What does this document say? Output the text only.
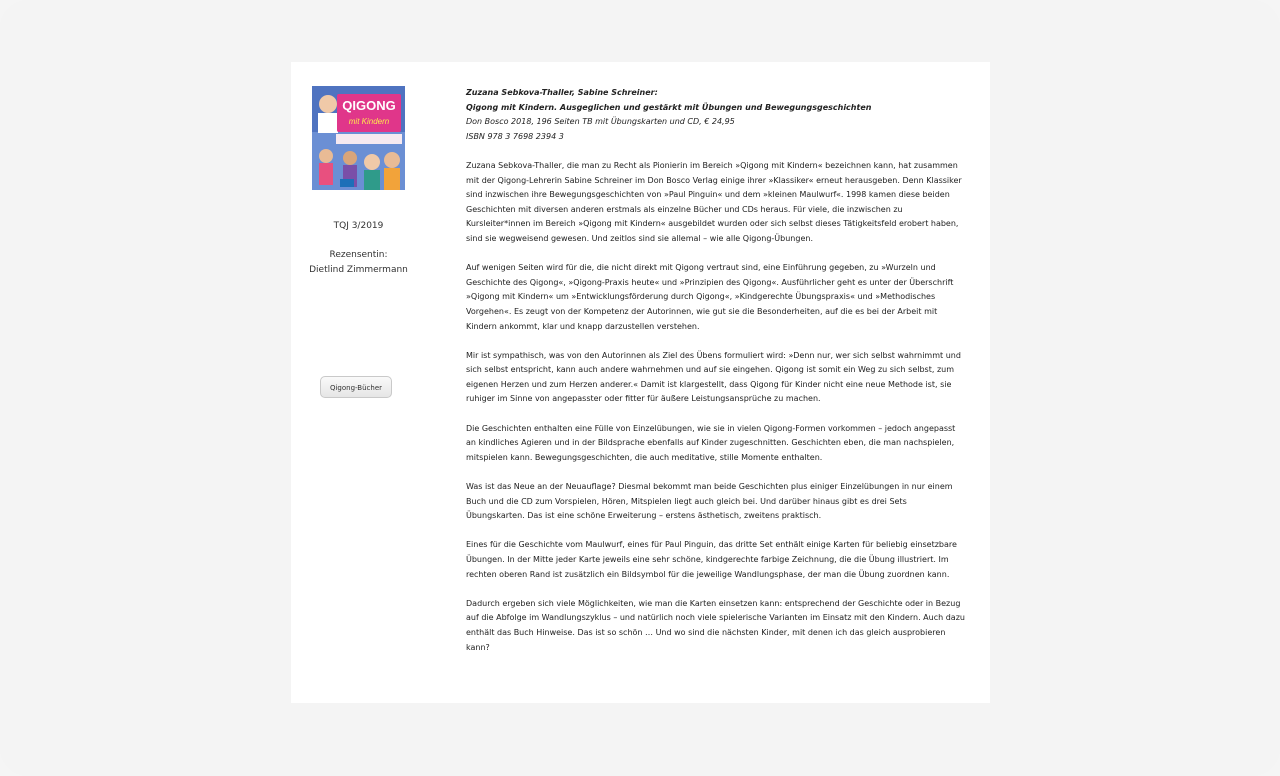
QIGONG
mit Kindern
TQJ 3/2019
Rezensentin:
Dietlind Zimmermann
Qigong-Bücher
Zuzana Sebkova-Thaller, Sabine Schreiner:
Qigong mit Kindern. Ausgeglichen und gestärkt mit Übungen und Bewegungsgeschichten
Don Bosco 2018, 196 Seiten TB mit Übungskarten und CD, € 24,95
ISBN 978 3 7698 2394 3
Zuzana Sebkova-Thaller, die man zu Recht als Pionierin im Bereich »Qigong mit Kindern« bezeichnen kann, hat zusammen mit der Qigong-Lehrerin Sabine Schreiner im Don Bosco Verlag einige ihrer »Klassiker« erneut herausgeben. Denn Klassiker sind inzwischen ihre Bewegungsgeschichten von »Paul Pinguin« und dem »kleinen Maulwurf«. 1998 kamen diese beiden Geschichten mit diversen anderen erstmals als einzelne Bücher und CDs heraus. Für viele, die inzwischen zu Kursleiter*innen im Bereich »Qigong mit Kindern« ausgebildet wurden oder sich selbst dieses Tätigkeitsfeld erobert haben, sind sie wegweisend gewesen. Und zeitlos sind sie allemal – wie alle Qigong-Übungen.
Auf wenigen Seiten wird für die, die nicht direkt mit Qigong vertraut sind, eine Einführung gegeben, zu »Wurzeln und Geschichte des Qigong«, »Qigong-Praxis heute« und »Prinzipien des Qigong«. Ausführlicher geht es unter der Überschrift »Qigong mit Kindern« um »Entwicklungsförderung durch Qigong«, »Kindgerechte Übungspraxis« und »Methodisches Vorgehen«. Es zeugt von der Kompetenz der Autorinnen, wie gut sie die Besonderheiten, auf die es bei der Arbeit mit Kindern ankommt, klar und knapp darzustellen verstehen.
Mir ist sympathisch, was von den Autorinnen als Ziel des Übens formuliert wird: »Denn nur, wer sich selbst wahrnimmt und sich selbst entspricht, kann auch andere wahrnehmen und auf sie eingehen. Qigong ist somit ein Weg zu sich selbst, zum eigenen Herzen und zum Herzen anderer.« Damit ist klargestellt, dass Qigong für Kinder nicht eine neue Methode ist, sie ruhiger im Sinne von angepasster oder fitter für äußere Leistungsansprüche zu machen.
Die Geschichten enthalten eine Fülle von Einzelübungen, wie sie in vielen Qigong-Formen vorkommen – jedoch angepasst an kindliches Agieren und in der Bildsprache ebenfalls auf Kinder zugeschnitten. Geschichten eben, die man nachspielen, mitspielen kann. Bewegungsgeschichten, die auch meditative, stille Momente enthalten.
Was ist das Neue an der Neuauflage? Diesmal bekommt man beide Geschichten plus einiger Einzelübungen in nur einem Buch und die CD zum Vorspielen, Hören, Mitspielen liegt auch gleich bei. Und darüber hinaus gibt es drei Sets Übungskarten. Das ist eine schöne Erweiterung – erstens ästhetisch, zweitens praktisch.
Eines für die Geschichte vom Maulwurf, eines für Paul Pinguin, das dritte Set enthält einige Karten für beliebig einsetzbare Übungen. In der Mitte jeder Karte jeweils eine sehr schöne, kindgerechte farbige Zeichnung, die die Übung illustriert. Im rechten oberen Rand ist zusätzlich ein Bildsymbol für die jeweilige Wandlungsphase, der man die Übung zuordnen kann.
Dadurch ergeben sich viele Möglichkeiten, wie man die Karten einsetzen kann: entsprechend der Geschichte oder in Bezug auf die Abfolge im Wandlungszyklus – und natürlich noch viele spielerische Varianten im Einsatz mit den Kindern. Auch dazu enthält das Buch Hinweise. Das ist so schön … Und wo sind die nächsten Kinder, mit denen ich das gleich ausprobieren kann?
